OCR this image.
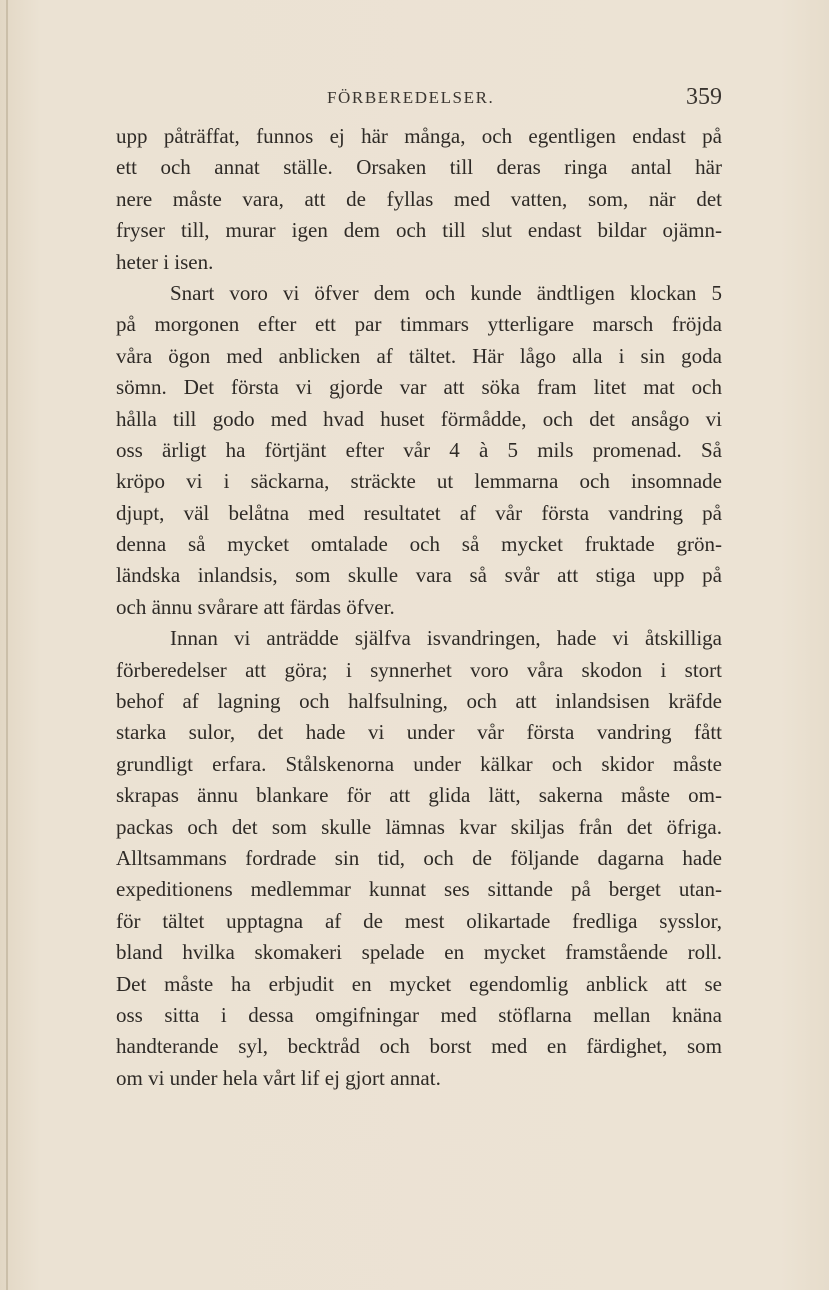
FÖRBEREDELSER.	359
upp påträffat, funnos ej här många, och egentligen endast på
ett och annat ställe. Orsaken till deras ringa antal här
nere måste vara, att de fyllas med vatten, som, när det
fryser till, murar igen dem och till slut endast bildar ojämn-
heter i isen.
Snart voro vi öfver dem och kunde ändtligen klockan 5
på morgonen efter ett par timmars ytterligare marsch fröjda
våra ögon med anblicken af tältet. Här lågo alla i sin goda
sömn. Det första vi gjorde var att söka fram litet mat och
hålla till godo med hvad huset förmådde, och det ansågo vi
oss ärligt ha förtjänt efter vår 4 à 5 mils promenad. Så
kröpo vi i säckarna, sträckte ut lemmarna och insomnade
djupt, väl belåtna med resultatet af vår första vandring på
denna så mycket omtalade och så mycket fruktade grön-
ländska inlandsis, som skulle vara så svår att stiga upp på
och ännu svårare att färdas öfver.
Innan vi anträdde själfva isvandringen, hade vi åtskilliga
förberedelser att göra; i synnerhet voro våra skodon i stort
behof af lagning och halfsulning, och att inlandsisen kräfde
starka sulor, det hade vi under vår första vandring fått
grundligt erfara. Stålskenorna under kälkar och skidor måste
skrapas ännu blankare för att glida lätt, sakerna måste om-
packas och det som skulle lämnas kvar skiljas från det öfriga.
Alltsammans fordrade sin tid, och de följande dagarna hade
expeditionens medlemmar kunnat ses sittande på berget utan-
för tältet upptagna af de mest olikartade fredliga sysslor,
bland hvilka skomakeri spelade en mycket framstående roll.
Det måste ha erbjudit en mycket egendomlig anblick att se
oss sitta i dessa omgifningar med stöflarna mellan knäna
handterande syl, becktråd och borst med en färdighet, som
om vi under hela vårt lif ej gjort annat.
